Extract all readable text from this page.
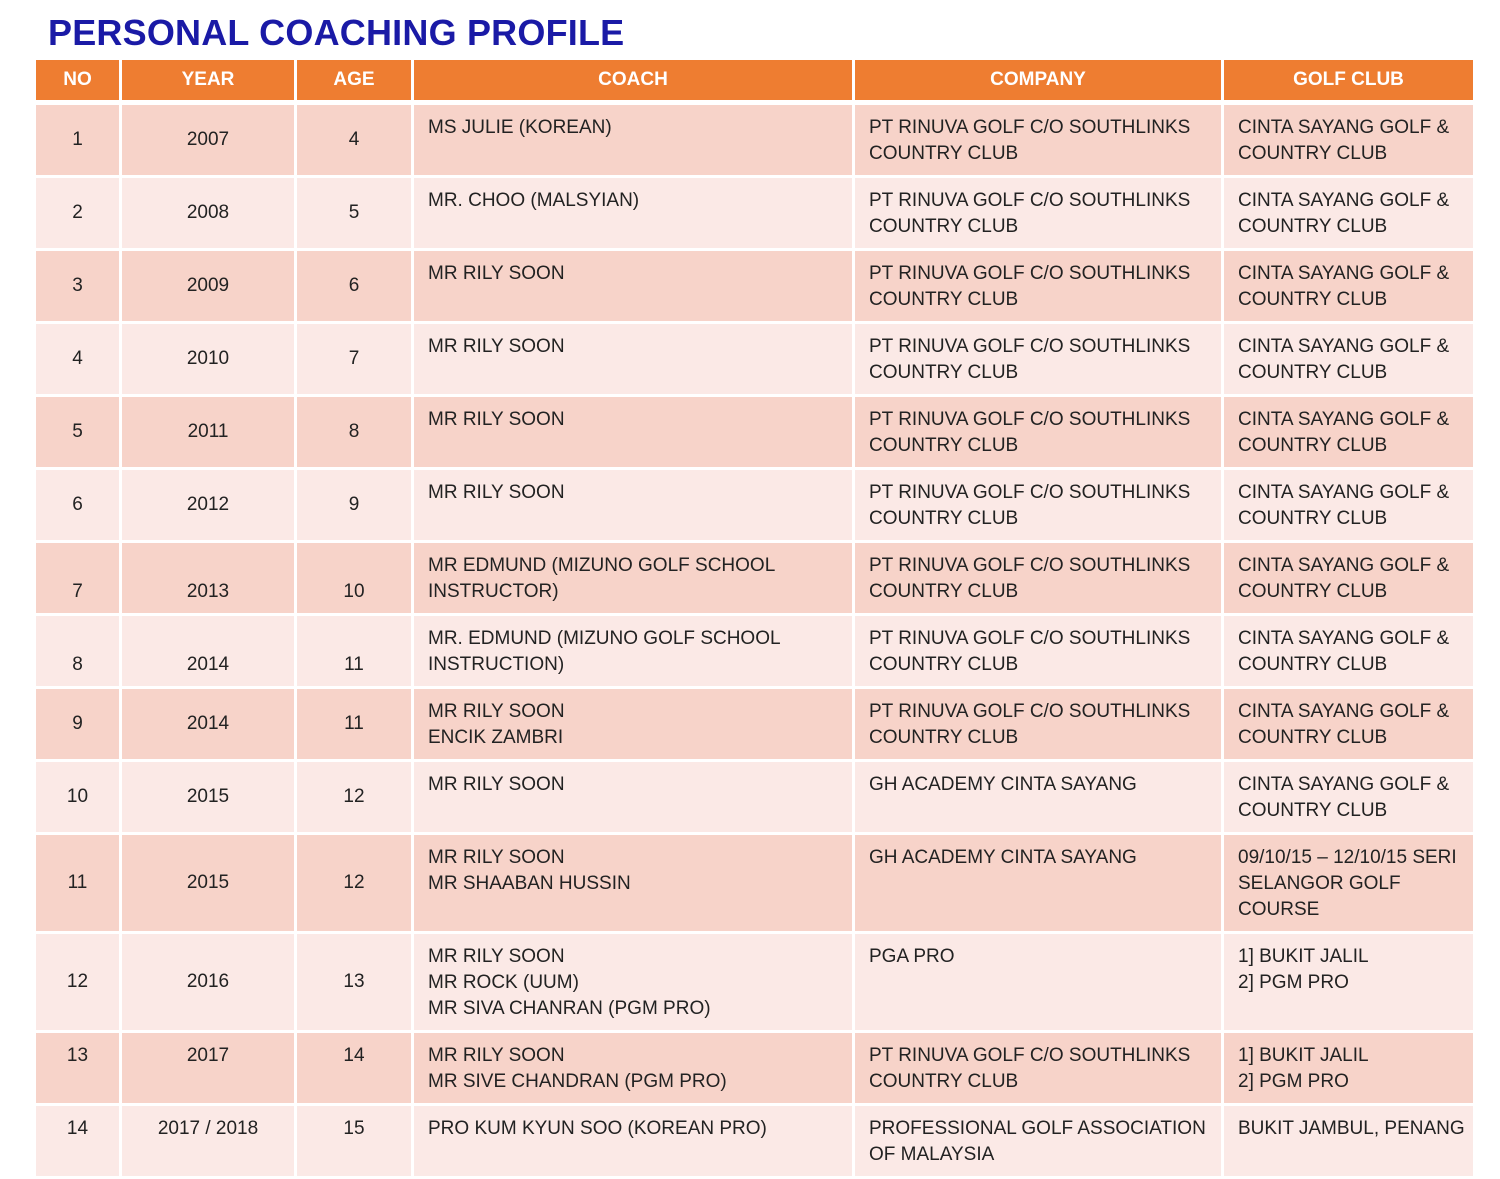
PERSONAL COACHING PROFILE
NO	YEAR	AGE	COACH	COMPANY	GOLF CLUB
1	2007	4	MS JULIE (KOREAN)	PT RINUVA GOLF C/O SOUTHLINKS COUNTRY CLUB	CINTA SAYANG GOLF & COUNTRY CLUB

2	2008	5	MR. CHOO (MALSYIAN)	PT RINUVA GOLF C/O SOUTHLINKS COUNTRY CLUB	CINTA SAYANG GOLF & COUNTRY CLUB

3	2009	6	MR RILY SOON	PT RINUVA GOLF C/O SOUTHLINKS COUNTRY CLUB	CINTA SAYANG GOLF & COUNTRY CLUB

4	2010	7	MR RILY SOON	PT RINUVA GOLF C/O SOUTHLINKS COUNTRY CLUB	CINTA SAYANG GOLF & COUNTRY CLUB

5	2011	8	MR RILY SOON	PT RINUVA GOLF C/O SOUTHLINKS COUNTRY CLUB	CINTA SAYANG GOLF & COUNTRY CLUB

6	2012	9	MR RILY SOON	PT RINUVA GOLF C/O SOUTHLINKS COUNTRY CLUB	CINTA SAYANG GOLF & COUNTRY CLUB

7	2013	10	MR EDMUND (MIZUNO GOLF SCHOOL INSTRUCTOR)	PT RINUVA GOLF C/O SOUTHLINKS COUNTRY CLUB	CINTA SAYANG GOLF & COUNTRY CLUB

8	2014	11	MR. EDMUND (MIZUNO GOLF SCHOOL INSTRUCTION)	PT RINUVA GOLF C/O SOUTHLINKS COUNTRY CLUB	CINTA SAYANG GOLF & COUNTRY CLUB

9	2014	11	MR RILY SOON
ENCIK ZAMBRI	PT RINUVA GOLF C/O SOUTHLINKS COUNTRY CLUB	CINTA SAYANG GOLF & COUNTRY CLUB

10	2015	12	MR RILY SOON	GH ACADEMY CINTA SAYANG	CINTA SAYANG GOLF & COUNTRY CLUB

11	2015	12	MR RILY SOON
MR SHAABAN HUSSIN	GH ACADEMY CINTA SAYANG	09/10/15 – 12/10/15 SERI SELANGOR GOLF COURSE

12	2016	13	MR RILY SOON
MR ROCK (UUM)
MR SIVA CHANRAN (PGM PRO)	PGA PRO	1] BUKIT JALIL
2] PGM PRO

13	2017	14	MR RILY SOON
MR SIVE CHANDRAN (PGM PRO)	PT RINUVA GOLF C/O SOUTHLINKS COUNTRY CLUB	1] BUKIT JALIL
2] PGM PRO

14	2017 / 2018	15	PRO KUM KYUN SOO (KOREAN PRO)	PROFESSIONAL GOLF ASSOCIATION OF MALAYSIA	BUKIT JAMBUL, PENANG
